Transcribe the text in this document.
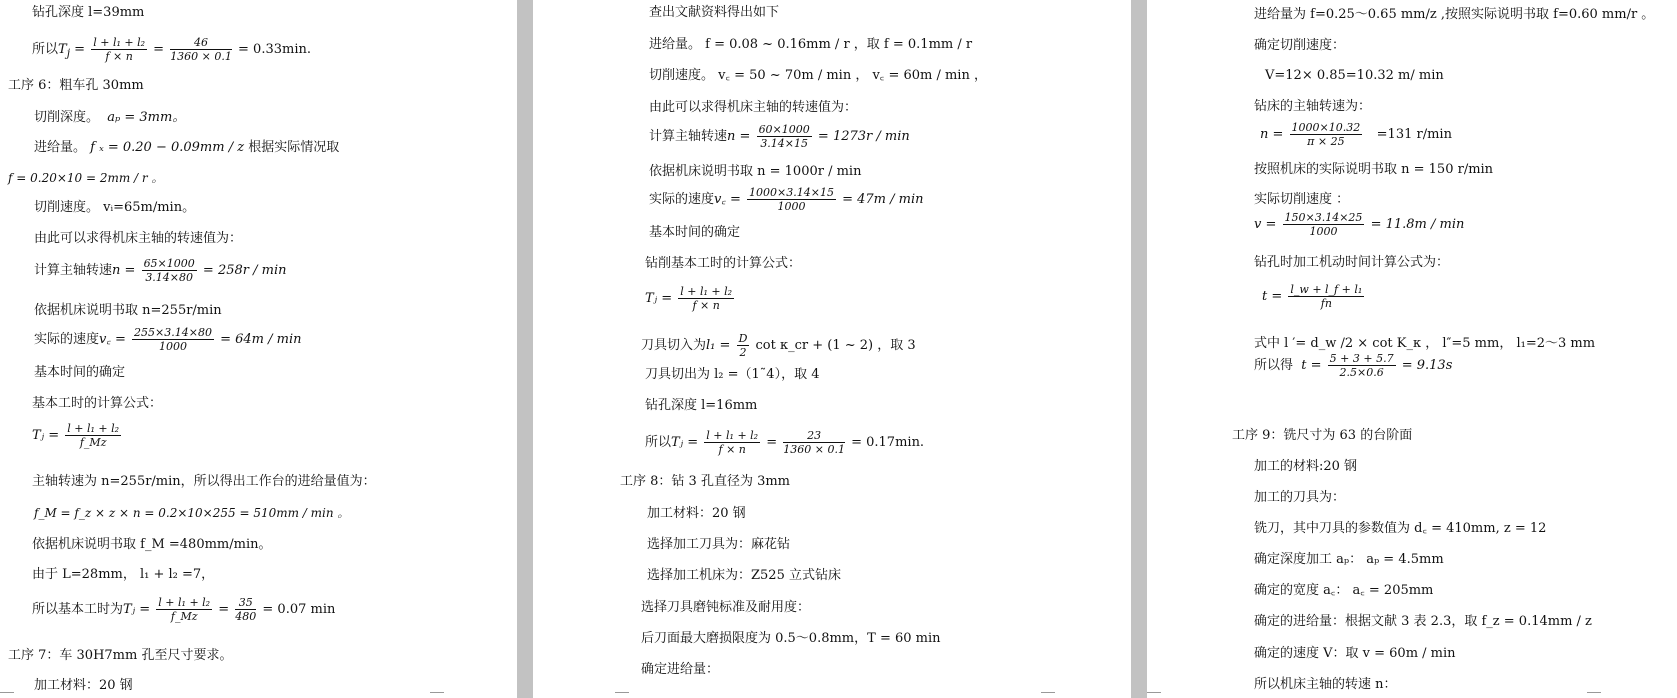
钻孔深度 l=39mm
所以$T_j = \frac{\text{l + l₁ + l₂}}{f \times n} = \frac{46}{1360 \times 0.1} = 0.33\min$.
工序 6：粗车孔 30mm
切削深度。 aₚ = 3mm。
进给量。 f ₓ = 0.20 − 0.09mm / z 根据实际情况取
f = 0.20×10 = 2mm / r 。
切削速度。 vᵢ=65m/min。
由此可以求得机床主轴的转速值为：
计算主轴转速$n = \frac{65\times 1000}{3.14\times 80} = 258r / \min$
依据机床说明书取 n=255r/min
实际的速度v꜀ = $\frac{255\times 3.14\times 80}{1000} = 64m / \min$
基本时间的确定
基本工时的计算公式：
Tⱼ = $\frac{\text{l + l₁ + l₂}}{f\_Mz}$
主轴转速为 n=255r/min，所以得出工作台的进给量值为：
f_M = f_z × z × n = 0.2×10×255 = 510mm / min 。
依据机床说明书取 f_M =480mm/min。
由于 L=28mm， l₁ + l₂ =7，
所以基本工时为Tⱼ = $\frac{\text{l + l₁ + l₂}}{f\_Mz} = \frac{35}{480} = 0.07$ min
工序 7：车 30H7mm 孔至尺寸要求。
加工材料：20 钢
查出文献资料得出如下
进给量。 f = 0.08 ~ 0.16mm / r ，取 f = 0.1mm / r
切削速度。 v꜀ = 50 ~ 70m / min ， v꜀ = 60m / min ，
由此可以求得机床主轴的转速值为：
计算主轴转速$n = \frac{60\times 1000}{3.14\times 15} = 1273r / \min$
依据机床说明书取 n = 1000r / min
实际的速度v꜀ = $\frac{1000\times 3.14\times 15}{1000} = 47m / \min$
基本时间的确定
钻削基本工时的计算公式：
Tⱼ = $\frac{\text{l + l₁ + l₂}}{f \times n}$
刀具切入为$l_1 = \frac{D}{2}$ cot κ_cr + (1 ~ 2) ，取 3
刀具切出为 l₂ =（1˜4），取 4
钻孔深度 l=16mm
所以Tⱼ = $\frac{\text{l + l₁ + l₂}}{f \times n} = \frac{23}{1360 \times 0.1} = 0.17\min$.
工序 8：钻 3 孔直径为 3mm
加工材料：20 钢
选择加工刀具为：麻花钻
选择加工机床为：Z525 立式钻床
选择刀具磨钝标准及耐用度：
后刀面最大磨损限度为 0.5～0.8mm，T = 60 min
确定进给量：
进给量为 f=0.25～0.65 mm/z ,按照实际说明书取 f=0.60 mm/r 。
确定切削速度：
V=12× 0.85=10.32 m/ min
钻床的主轴转速为：
$n = \frac{1000\times 10.32}{\pi \times 25} =131$ r/min
按照机床的实际说明书取 n = 150 r/min
实际切削速度 ：
$v = \frac{150\times 3.14\times 25}{1000} = 11.8m / \min$
钻孔时加工机动时间计算公式为：
$t = \frac{\text{l\_w + l\_f + l₁}}{fn}$
式中 l ′= d_w /2 × cot K_κ ， l″=5 mm， l₁=2～3 mm
所以得 $t = \frac{5 + 3 + 5.7}{2.5\times 0.6} = 9.13s$
工序 9：铣尺寸为 63 的台阶面
加工的材料:20 钢
加工的刀具为：
铣刀，其中刀具的参数值为 d꜀ = 410mm, z = 12
确定深度加工 aₚ： aₚ = 4.5mm
确定的宽度 a꜀： a꜀ = 205mm
确定的进给量：根据文献 3 表 2.3，取 f_z = 0.14mm / z
确定的速度 V：取 v = 60m / min
所以机床主轴的转速 n：
